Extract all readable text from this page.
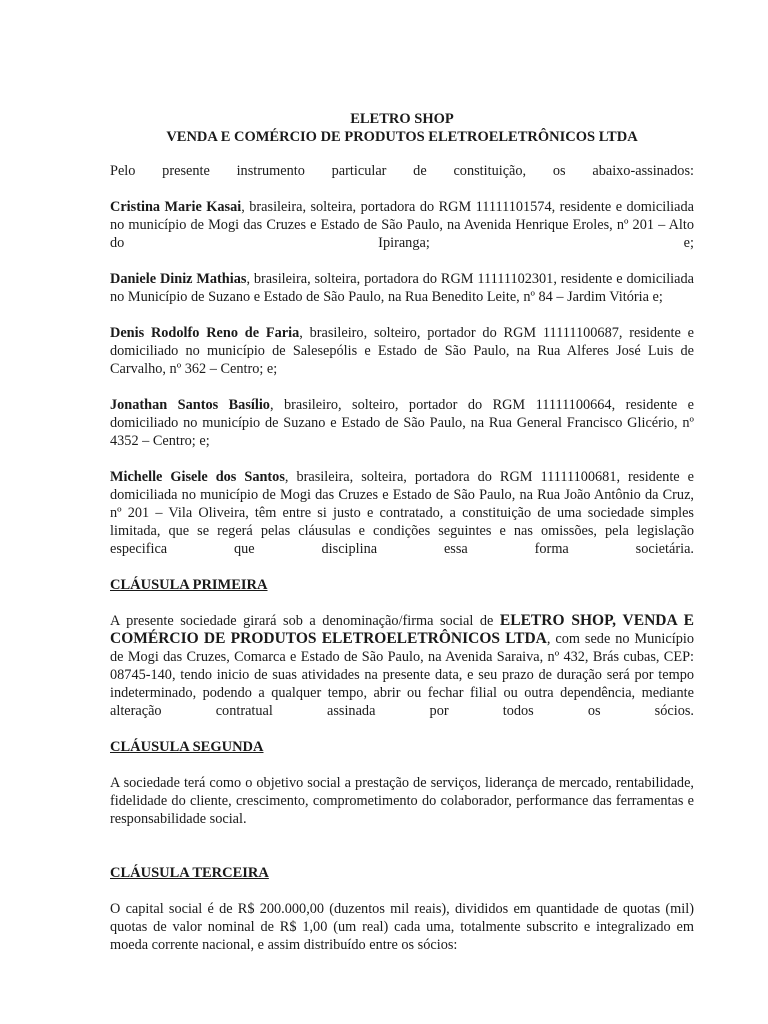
ELETRO SHOP
VENDA E COMÉRCIO DE PRODUTOS ELETROELETRÔNICOS LTDA

Pelo presente instrumento particular de constituição, os abaixo-assinados:

Cristina Marie Kasai, brasileira, solteira, portadora do RGM 11111101574, residente e domiciliada no município de Mogi das Cruzes e Estado de São Paulo, na Avenida Henrique Eroles, nº 201 – Alto do Ipiranga; e;

Daniele Diniz Mathias, brasileira, solteira, portadora do RGM 11111102301, residente e domiciliada no Município de Suzano e Estado de São Paulo, na Rua Benedito Leite, nº 84 – Jardim Vitória e;

Denis Rodolfo Reno de Faria, brasileiro, solteiro, portador do RGM 11111100687, residente e domiciliado no município de Salesepólis e Estado de São Paulo, na Rua Alferes José Luis de Carvalho, nº 362 – Centro; e;

Jonathan Santos Basílio, brasileiro, solteiro, portador do RGM 11111100664, residente e domiciliado no município de Suzano e Estado de São Paulo, na Rua General Francisco Glicério, nº 4352 – Centro; e;

Michelle Gisele dos Santos, brasileira, solteira, portadora do RGM 11111100681, residente e domiciliada no município de Mogi das Cruzes e Estado de São Paulo, na Rua João Antônio da Cruz, nº 201 – Vila Oliveira, têm entre si justo e contratado, a constituição de uma sociedade simples limitada, que se regerá pelas cláusulas e condições seguintes e nas omissões, pela legislação especifica que disciplina essa forma societária.

CLÁUSULA PRIMEIRA

A presente sociedade girará sob a denominação/firma social de ELETRO SHOP, VENDA E COMÉRCIO DE PRODUTOS ELETROELETRÔNICOS LTDA, com sede no Município de Mogi das Cruzes, Comarca e Estado de São Paulo, na Avenida Saraiva, nº 432, Brás cubas, CEP: 08745-140, tendo inicio de suas atividades na presente data, e seu prazo de duração será por tempo indeterminado, podendo a qualquer tempo, abrir ou fechar filial ou outra dependência, mediante alteração contratual assinada por todos os sócios.

CLÁUSULA SEGUNDA

A sociedade terá como o objetivo social a prestação de serviços, liderança de mercado, rentabilidade, fidelidade do cliente, crescimento, comprometimento do colaborador, performance das ferramentas e responsabilidade social.

CLÁUSULA TERCEIRA

O capital social é de R$ 200.000,00 (duzentos mil reais), divididos em quantidade de quotas (mil) quotas de valor nominal de R$ 1,00 (um real) cada uma, totalmente subscrito e integralizado em moeda corrente nacional, e assim distribuído entre os sócios:
